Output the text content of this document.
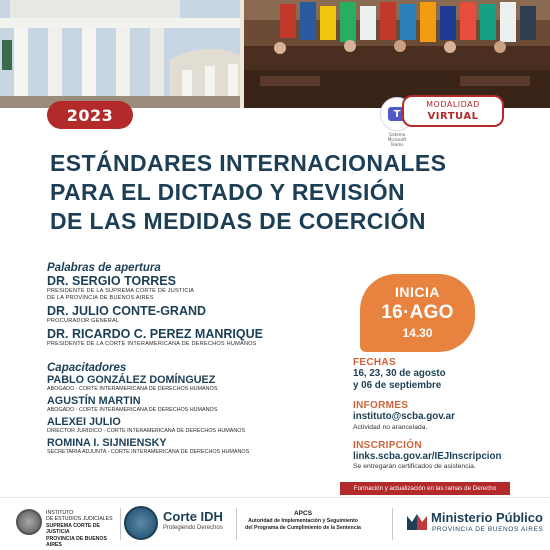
2023	T
Sistema Microsoft Teams
MODALIDAD
VIRTUAL
ESTÁNDARES INTERNACIONALES
PARA EL DICTADO Y REVISIÓN
DE LAS MEDIDAS DE COERCIÓN
Palabras de apertura
DR. SERGIO TORRES
PRESIDENTE DE LA SUPREMA CORTE DE JUSTICIA
DE LA PROVINCIA DE BUENOS AIRES
DR. JULIO CONTE-GRAND
PROCURADOR GENERAL
DR. RICARDO C. PEREZ MANRIQUE
PRESIDENTE DE LA CORTE INTERAMERICANA DE DERECHOS HUMANOS
Capacitadores
PABLO GONZÁLEZ DOMÍNGUEZ
ABOGADO - CORTE INTERAMERICANA DE DERECHOS HUMANOS
AGUSTÍN MARTIN
ABOGADO - CORTE INTERAMERICANA DE DERECHOS HUMANOS
ALEXEI JULIO
DIRECTOR JURÍDICO - CORTE INTERAMERICANA DE DERECHOS HUMANOS
ROMINA I. SIJNIENSKY
SECRETARIA ADJUNTA - CORTE INTERAMERICANA DE DERECHOS HUMANOS
INICIA
16·AGO
14.30
FECHAS
16, 23, 30 de agosto
y 06 de septiembre
INFORMES
instituto@scba.gov.ar
Actividad no arancelada.
INSCRIPCIÓN
links.scba.gov.ar/IEJInscripcion
Se entregarán certificados de asistencia.
Formación y actualización en las ramas de Derecho
INSTITUTO
DE ESTUDIOS JUDICIALES
SUPREMA CORTE DE JUSTICIA
PROVINCIA DE BUENOS AIRES
Corte IDH
Protegiendo Derechos
APCS
Autoridad de Implementación y Seguimiento
del Programa de Cumplimiento de la Sentencia
Ministerio Público
PROVINCIA DE BUENOS AIRES
